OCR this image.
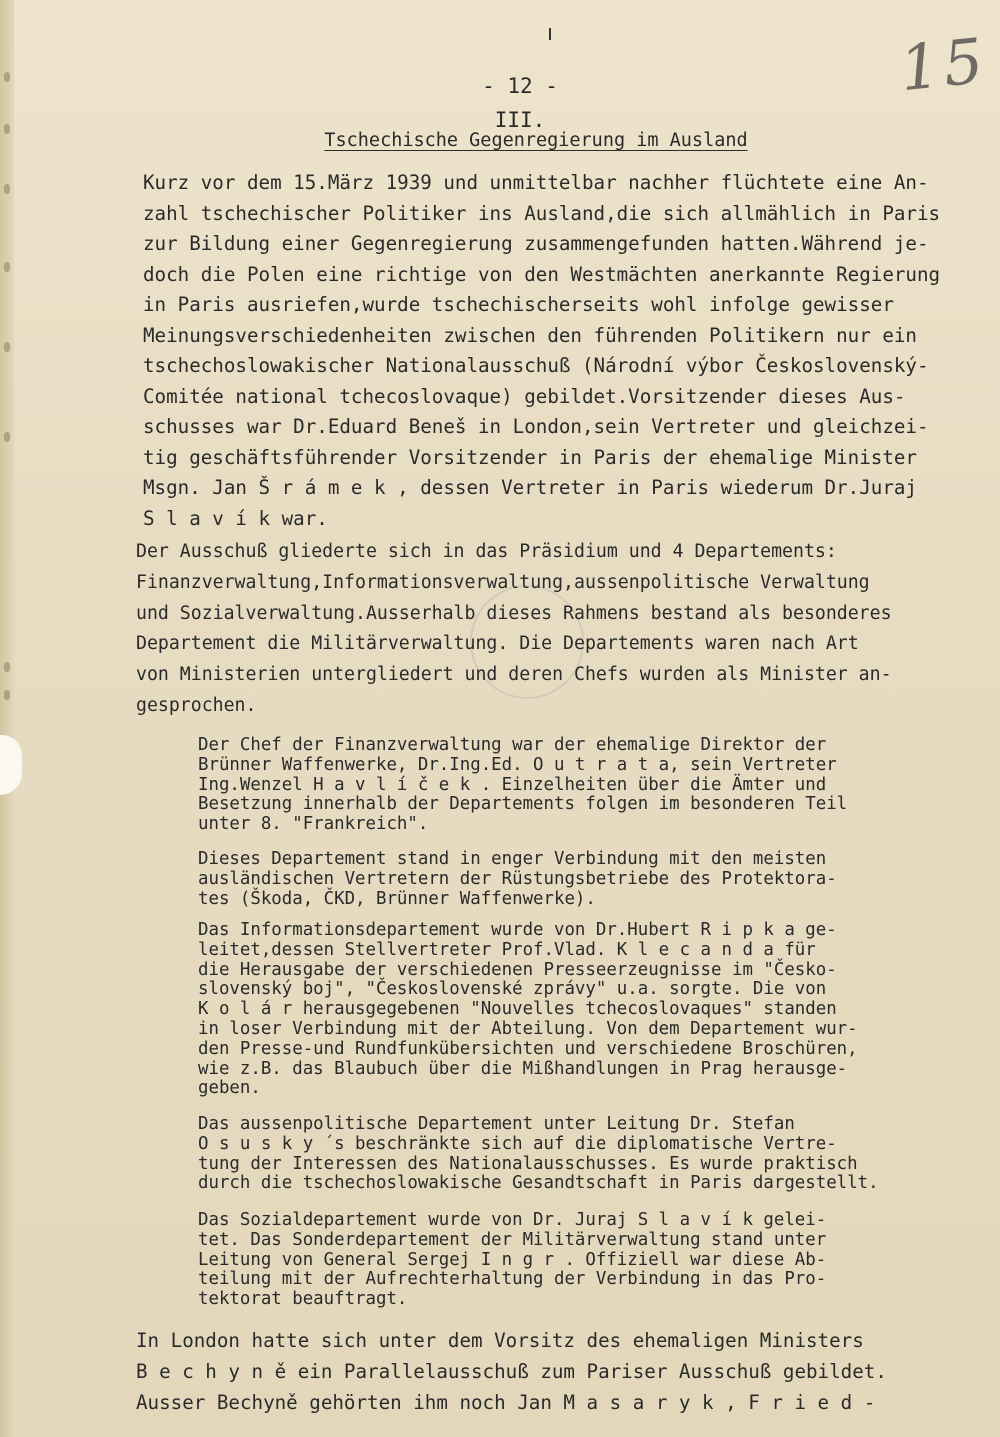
15
- 12 -
III.
Tschechische Gegenregierung im Ausland
Kurz vor dem 15.März 1939 und unmittelbar nachher flüchtete eine An-
zahl tschechischer Politiker ins Ausland,die sich allmählich in Paris
zur Bildung einer Gegenregierung zusammengefunden hatten.Während je-
doch die Polen eine richtige von den Westmächten anerkannte Regierung
in Paris ausriefen,wurde tschechischerseits wohl infolge gewisser
Meinungsverschiedenheiten zwischen den führenden Politikern nur ein
tschechoslowakischer Nationalausschuß (Národní výbor Československý-
Comitée national tchecoslovaque) gebildet.Vorsitzender dieses Aus-
schusses war Dr.Eduard Beneš in London,sein Vertreter und gleichzei-
tig geschäftsführender Vorsitzender in Paris der ehemalige Minister
Msgn. Jan Š r á m e k , dessen Vertreter in Paris wiederum Dr.Juraj
S l a v í k war.
Der Ausschuß gliederte sich in das Präsidium und 4 Departements:
Finanzverwaltung,Informationsverwaltung,aussenpolitische Verwaltung
und Sozialverwaltung.Ausserhalb dieses Rahmens bestand als besonderes
Departement die Militärverwaltung. Die Departements waren nach Art
von Ministerien untergliedert und deren Chefs wurden als Minister an-
gesprochen.
Der Chef der Finanzverwaltung war der ehemalige Direktor der
Brünner Waffenwerke, Dr.Ing.Ed. O u t r a t a, sein Vertreter
Ing.Wenzel H a v l í č e k . Einzelheiten über die Ämter und
Besetzung innerhalb der Departements folgen im besonderen Teil
unter 8. "Frankreich".
Dieses Departement stand in enger Verbindung mit den meisten
ausländischen Vertretern der Rüstungsbetriebe des Protektora-
tes (Škoda, ČKD, Brünner Waffenwerke).
Das Informationsdepartement wurde von Dr.Hubert R i p k a ge-
leitet,dessen Stellvertreter Prof.Vlad. K l e c a n d a für
die Herausgabe der verschiedenen Presseerzeugnisse im "Česko-
slovenský boj", "Československé zprávy" u.a. sorgte. Die von
K o l á r herausgegebenen "Nouvelles tchecoslovaques" standen
in loser Verbindung mit der Abteilung. Von dem Departement wur-
den Presse-und Rundfunkübersichten und verschiedene Broschüren,
wie z.B. das Blaubuch über die Mißhandlungen in Prag herausge-
geben.
Das aussenpolitische Departement unter Leitung Dr. Stefan
O s u s k y ´s beschränkte sich auf die diplomatische Vertre-
tung der Interessen des Nationalausschusses. Es wurde praktisch
durch die tschechoslowakische Gesandtschaft in Paris dargestellt.
Das Sozialdepartement wurde von Dr. Juraj S l a v í k gelei-
tet. Das Sonderdepartement der Militärverwaltung stand unter
Leitung von General Sergej I n g r . Offiziell war diese Ab-
teilung mit der Aufrechterhaltung der Verbindung in das Pro-
tektorat beauftragt.
In London hatte sich unter dem Vorsitz des ehemaligen Ministers
B e c h y n ě ein Parallelausschuß zum Pariser Ausschuß gebildet.
Ausser Bechyně gehörten ihm noch Jan M a s a r y k , F r i e d -
